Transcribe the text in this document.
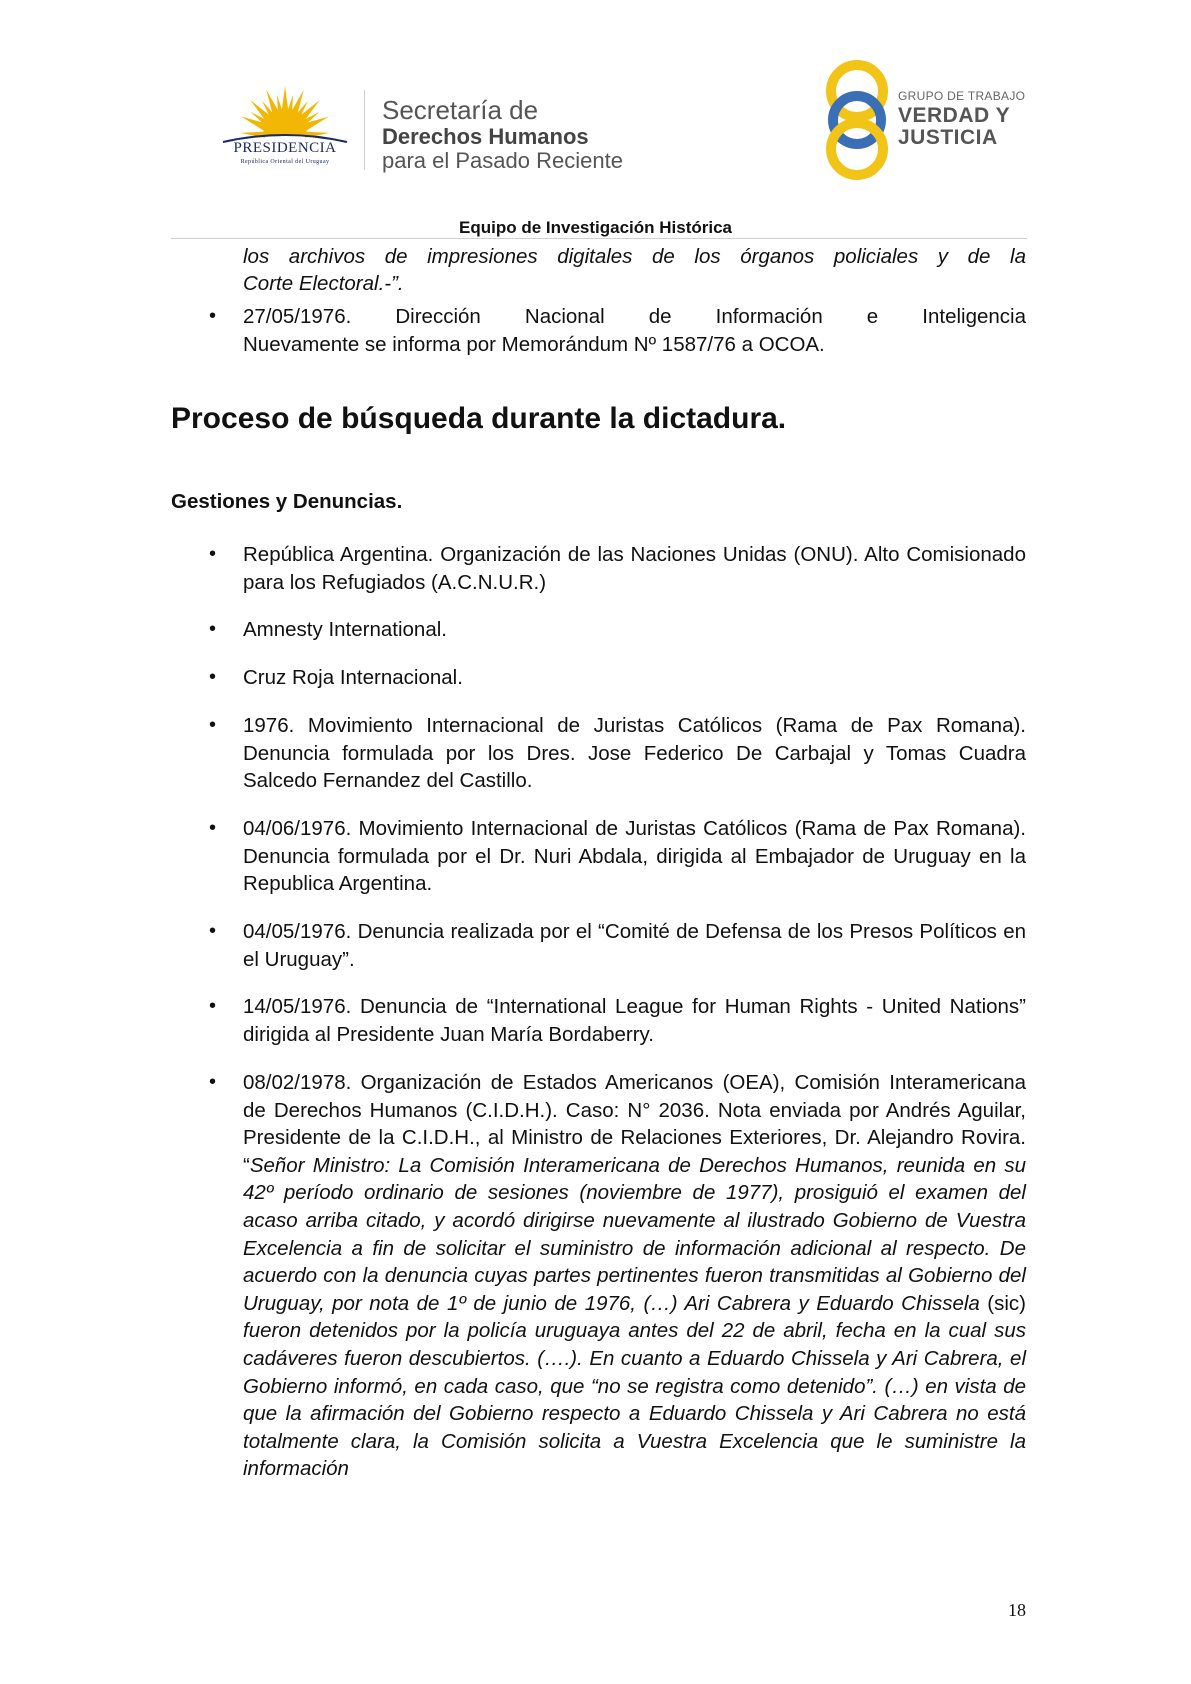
PRESIDENCIA
República Oriental del Uruguay
Secretaría de
Derechos Humanos
para el Pasado Reciente
GRUPO DE TRABAJO
VERDAD Y
JUSTICIA
Equipo de Investigación Histórica

los archivos de impresiones digitales de los órganos policiales y de la

Corte Electoral.-”.

• 27/05/1976. Dirección Nacional de Información e Inteligencia

Nuevamente se informa por Memorándum Nº 1587/76 a OCOA.

Proceso de búsqueda durante la dictadura.
Gestiones y Denuncias.
• República Argentina. Organización de las Naciones Unidas (ONU). Alto Comisionado para los Refugiados (A.C.N.U.R.)

• Amnesty International.

• Cruz Roja Internacional.

• 1976. Movimiento Internacional de Juristas Católicos (Rama de Pax Romana). Denuncia formulada por los Dres. Jose Federico De Carbajal y Tomas Cuadra Salcedo Fernandez del Castillo.

• 04/06/1976. Movimiento Internacional de Juristas Católicos (Rama de Pax Romana). Denuncia formulada por el Dr. Nuri Abdala, dirigida al Embajador de Uruguay en la Republica Argentina.

• 04/05/1976. Denuncia realizada por el “Comité de Defensa de los Presos Políticos en el Uruguay”.

• 14/05/1976. Denuncia de “International League for Human Rights - United Nations” dirigida al Presidente Juan María Bordaberry.

• 08/02/1978. Organización de Estados Americanos (OEA), Comisión Interamericana de Derechos Humanos (C.I.D.H.). Caso: N° 2036. Nota enviada por Andrés Aguilar, Presidente de la C.I.D.H., al Ministro de Relaciones Exteriores, Dr. Alejandro Rovira. “Señor Ministro: La Comisión Interamericana de Derechos Humanos, reunida en su 42º período ordinario de sesiones (noviembre de 1977), prosiguió el examen del acaso arriba citado, y acordó dirigirse nuevamente al ilustrado Gobierno de Vuestra Excelencia a fin de solicitar el suministro de información adicional al respecto. De acuerdo con la denuncia cuyas partes pertinentes fueron transmitidas al Gobierno del Uruguay, por nota de 1º de junio de 1976, (…) Ari Cabrera y Eduardo Chissela (sic) fueron detenidos por la policía uruguaya antes del 22 de abril, fecha en la cual sus cadáveres fueron descubiertos. (….). En cuanto a Eduardo Chissela y Ari Cabrera, el Gobierno informó, en cada caso, que “no se registra como detenido”. (…) en vista de que la afirmación del Gobierno respecto a Eduardo Chissela y Ari Cabrera no está totalmente clara, la Comisión solicita a Vuestra Excelencia que le suministre la información

18
